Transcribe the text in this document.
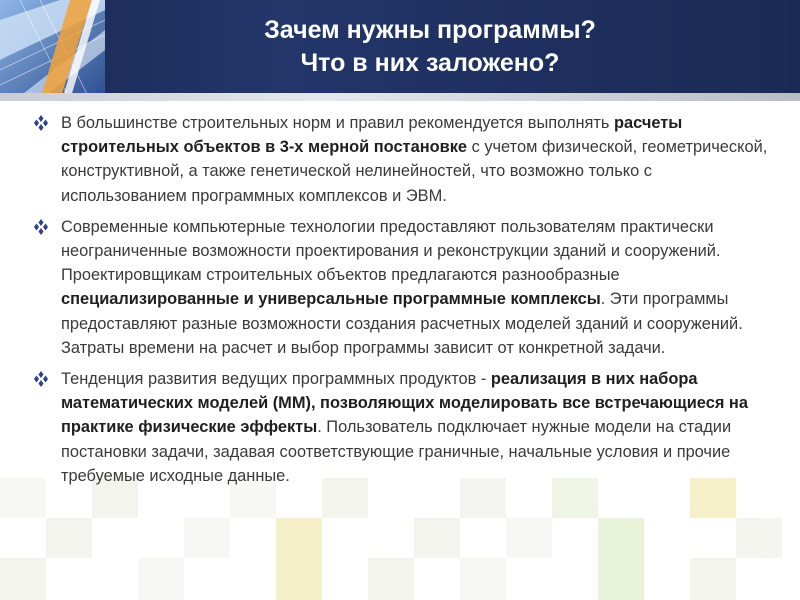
Зачем нужны программы?
Что в них заложено?

В большинстве строительных норм и правил рекомендуется выполнять расчеты строительных объектов в 3-х мерной постановке с учетом физической, геометрической, конструктивной, а также генетической нелинейностей, что возможно только с использованием программных комплексов и ЭВМ.

Современные компьютерные технологии предоставляют пользователям практически неограниченные возможности проектирования и реконструкции зданий и сооружений. Проектировщикам строительных объектов предлагаются разнообразные специализированные и универсальные программные комплексы. Эти программы предоставляют разные возможности создания расчетных моделей зданий и сооружений. Затраты времени на расчет и выбор программы зависит от конкретной задачи.

Тенденция развития ведущих программных продуктов - реализация в них набора математических моделей (ММ), позволяющих моделировать все встречающиеся на практике физические эффекты. Пользователь подключает нужные модели на стадии постановки задачи, задавая соответствующие граничные, начальные условия и прочие требуемые исходные данные.
